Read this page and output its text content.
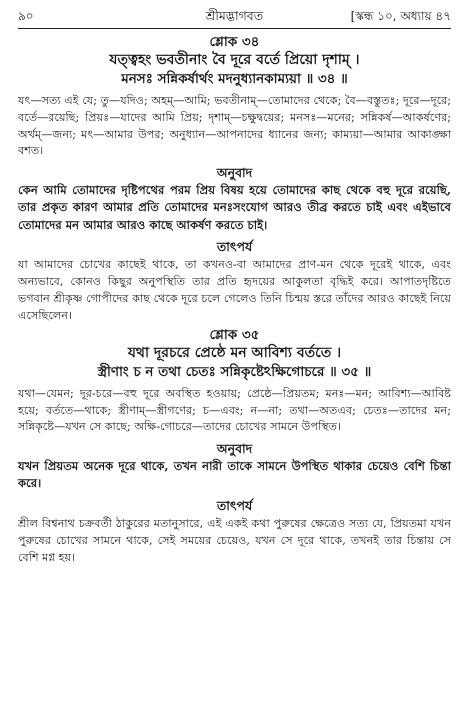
৯০	শ্রীমদ্ভাগবত	[স্কন্ধ ১০, অধ্যায় ৪৭
শ্লোক ৩৪
যত্ত্বহং ভবতীনাং বৈ দূরে বর্তে প্রিয়ো দৃশাম্ ।
মনসঃ সন্নিকর্ষার্থং মদনুধ্যানকাম্যয়া ॥ ৩৪ ॥
যৎ—সত্য এই যে; তু—যদিও; অহম্—আমি; ভবতীনাম্—তোমাদের থেকে; বৈ—বস্তুতঃ; দূরে—দূরে; বর্তে—রয়েছি; প্রিয়ঃ—যাদের আমি প্রিয়; দৃশাম্—চক্ষুদ্বয়ের; মনসঃ—মনের; সন্নিকর্ষ—আকর্ষণের; অর্থম্—জন্য; মৎ—আমার উপর; অনুধ্যান—আপনাদের ধ্যানের জন্য; কাম্যয়া—আমার আকাঙ্ক্ষা বশত।
অনুবাদ
কেন আমি তোমাদের দৃষ্টিপথের পরম প্রিয় বিষয় হয়ে তোমাদের কাছ থেকে বহু দূরে রয়েছি, তার প্রকৃত কারণ আমার প্রতি তোমাদের মনঃসংযোগ আরও তীব্র করতে চাই এবং এইভাবে তোমাদের মন আমার আরও কাছে আকর্ষণ করতে চাই।
তাৎপর্য
যা আমাদের চোখের কাছেই থাকে, তা কখনও-বা আমাদের প্রাণ-মন থেকে দূরেই থাকে, এবং অন্যভাবে, কোনও কিছুর অনুপস্থিতি তার প্রতি হৃদয়ের আকুলতা বৃদ্ধিই করে। আপাতদৃষ্টিতে ভগবান শ্রীকৃষ্ণ গোপীদের কাছ থেকে দূরে চলে গেলেও তিনি চিন্ময় স্তরে তাঁদের আরও কাছেই নিয়ে এসেছিলেন।
শ্লোক ৩৫
যথা দূরচরে প্রেষ্ঠে মন আবিশ্য বর্ততে ।
স্ত্রীণাং চ ন তথা চেতঃ সন্নিকৃষ্টেঽক্ষিগোচরে ॥ ৩৫ ॥
যথা—যেমন; দূর-চরে—বহু দূরে অবস্থিত হওয়ায়; প্রেষ্ঠে—প্রিয়তম; মনঃ—মন; আবিশ্য—আবিষ্ট হয়ে; বর্ততে—থাকে; স্ত্রীণাম্—স্ত্রীগণের; চ—এবং; ন—না; তথা—অতএব; চেতঃ—তাদের মন; সন্নিকৃষ্টে—যখন সে কাছে; অক্ষি-গোচরে—তাদের চোখের সামনে উপস্থিত।
অনুবাদ
যখন প্রিয়তম অনেক দূরে থাকে, তখন নারী তাকে সামনে উপস্থিত থাকার চেয়েও বেশি চিন্তা করে।
তাৎপর্য
শ্রীল বিশ্বনাথ চক্রবর্তী ঠাকুরের মতানুসারে, এই একই কথা পুরুষের ক্ষেত্রেও সত্য যে, প্রিয়তমা যখন পুরুষের চোখের সামনে থাকে, সেই সময়ের চেয়েও, যখন সে দূরে থাকে, তখনই তার চিন্তায় সে বেশি মগ্ন হয়।
